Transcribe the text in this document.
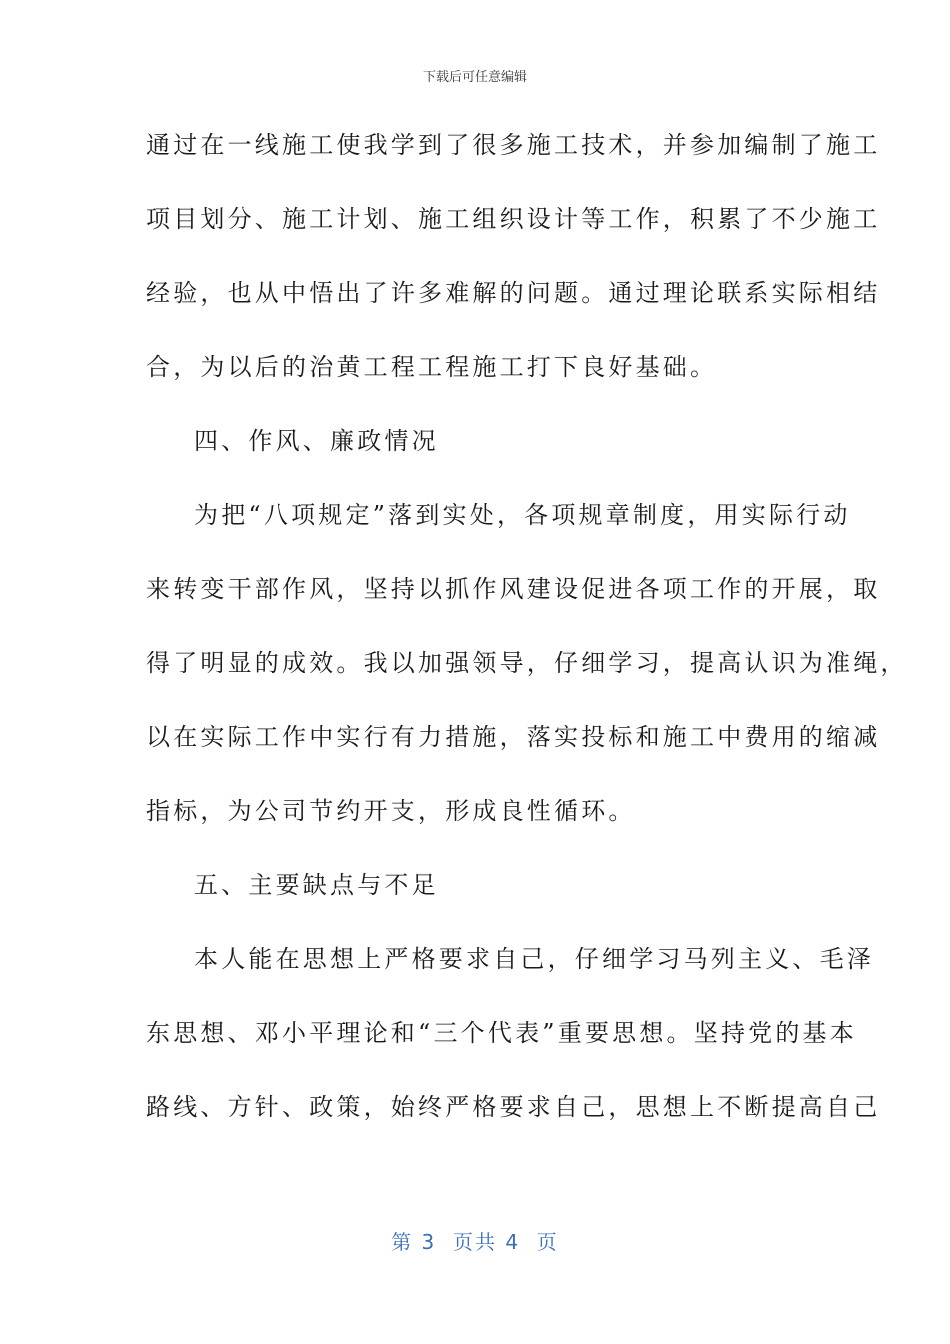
下载后可任意编辑
通过在一线施工使我学到了很多施工技术，并参加编制了施工
项目划分、施工计划、施工组织设计等工作，积累了不少施工
经验，也从中悟出了许多难解的问题。通过理论联系实际相结
合，为以后的治黄工程工程施工打下良好基础。
四、作风、廉政情况
为把“八项规定”落到实处，各项规章制度，用实际行动
来转变干部作风，坚持以抓作风建设促进各项工作的开展，取
得了明显的成效。我以加强领导，仔细学习，提高认识为准绳，
以在实际工作中实行有力措施，落实投标和施工中费用的缩减
指标，为公司节约开支，形成良性循环。
五、主要缺点与不足
本人能在思想上严格要求自己，仔细学习马列主义、毛泽
东思想、邓小平理论和“三个代表”重要思想。坚持党的基本
路线、方针、政策，始终严格要求自己，思想上不断提高自己
第 3  页共 4  页
